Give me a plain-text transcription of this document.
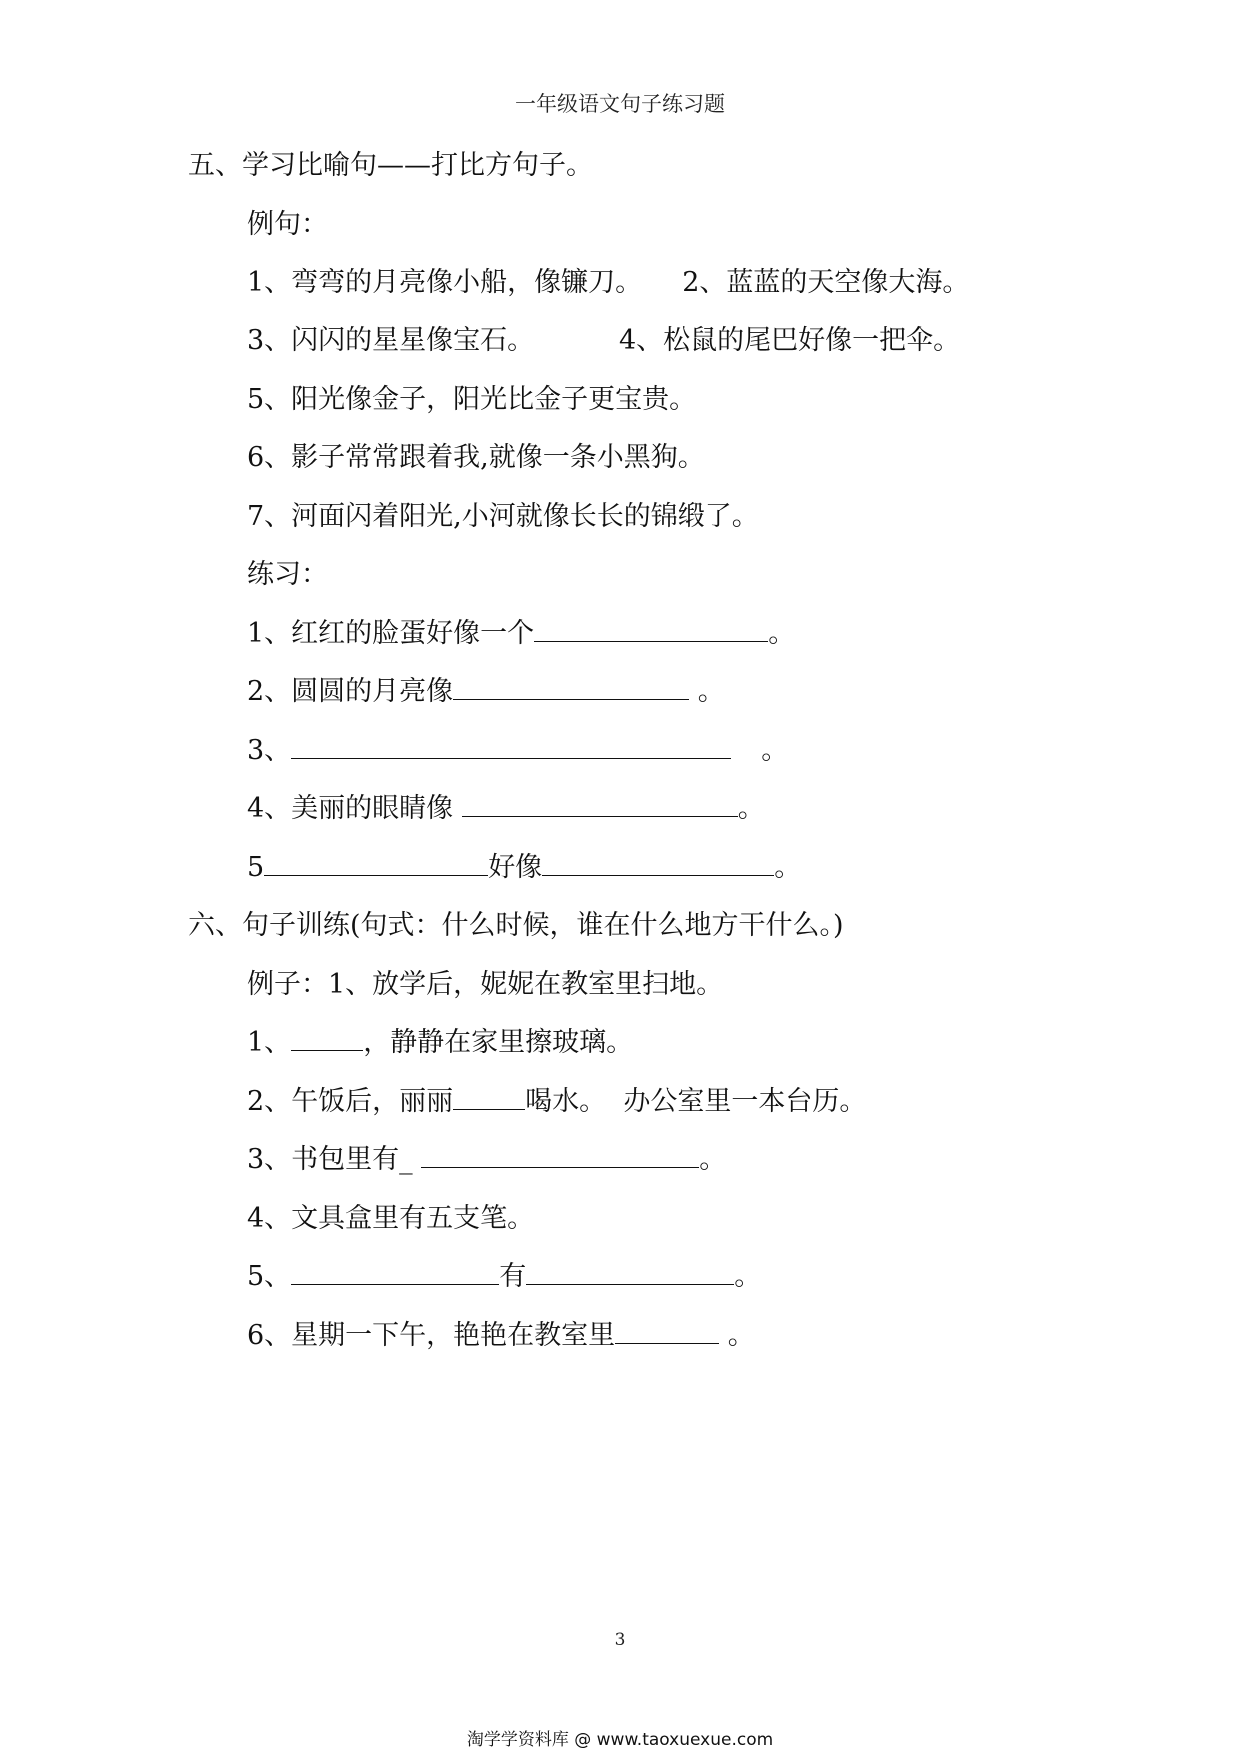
一年级语文句子练习题
五、学习比喻句——打比方句子。
例句：
1、弯弯的月亮像小船，像镰刀。 2、蓝蓝的天空像大海。
3、闪闪的星星像宝石。	4、松鼠的尾巴好像一把伞。
5、阳光像金子，阳光比金子更宝贵。
6、影子常常跟着我,就像一条小黑狗。
7、河面闪着阳光,小河就像长长的锦缎了。
练习：
1、红红的脸蛋好像一个	。
2、圆圆的月亮像	。
3、	。
4、美丽的眼睛像	。
5	好像	。
六、句子训练(句式：什么时候，谁在什么地方干什么。)
例子：1、放学后，妮妮在教室里扫地。
1、	，静静在家里擦玻璃。
2、午饭后，丽丽	喝水。  办公室里一本台历。
3、书包里有_	。
4、文具盒里有五支笔。
5、	有	。
6、星期一下午，艳艳在教室里	。
3
淘学学资料库 @ www.taoxuexue.com
